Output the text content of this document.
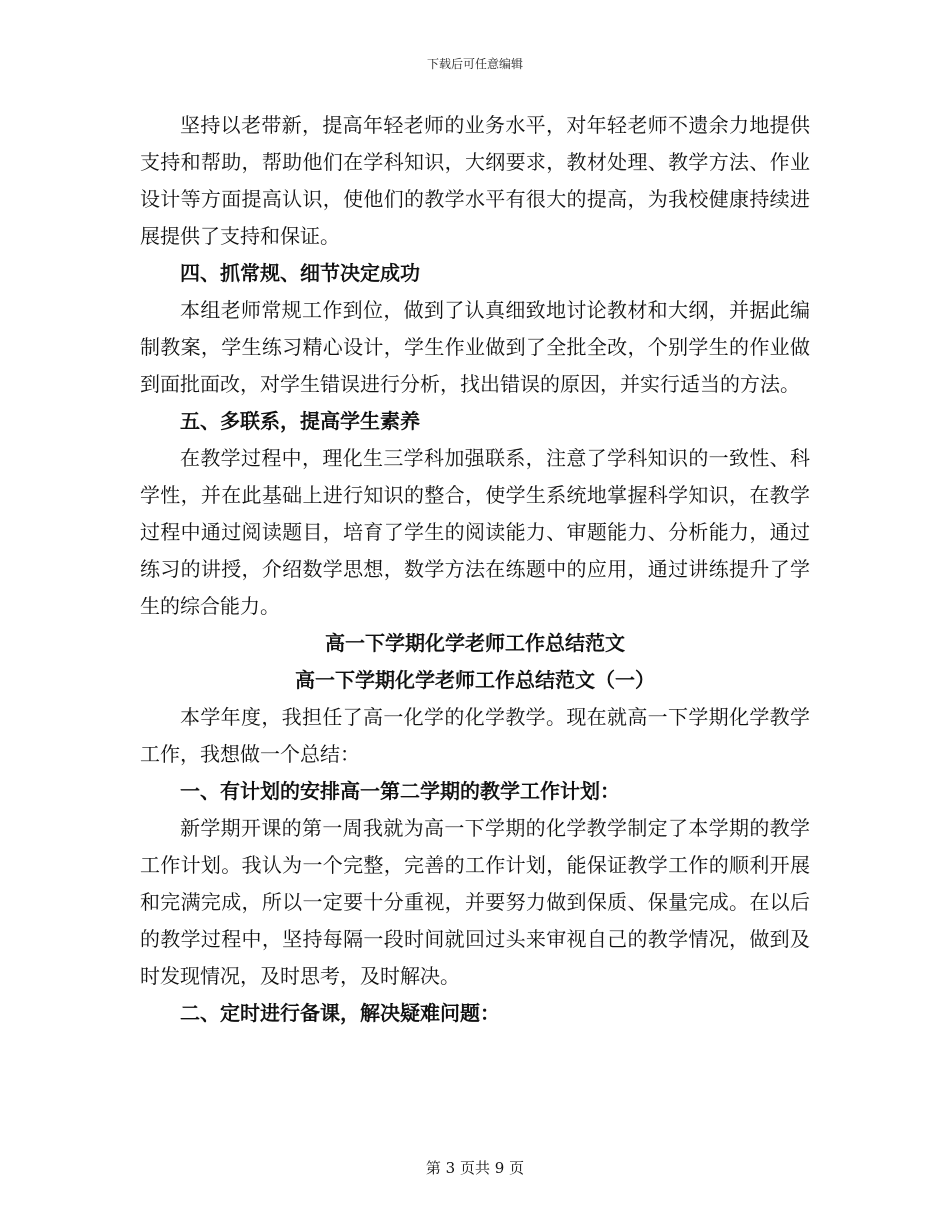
下载后可任意编辑

坚持以老带新，提高年轻老师的业务水平，对年轻老师不遗余力地提供支持和帮助，帮助他们在学科知识，大纲要求，教材处理、教学方法、作业设计等方面提高认识，使他们的教学水平有很大的提高，为我校健康持续进展提供了支持和保证。

四、抓常规、细节决定成功

本组老师常规工作到位，做到了认真细致地讨论教材和大纲，并据此编制教案，学生练习精心设计，学生作业做到了全批全改，个别学生的作业做到面批面改，对学生错误进行分析，找出错误的原因，并实行适当的方法。

五、多联系，提高学生素养

在教学过程中，理化生三学科加强联系，注意了学科知识的一致性、科学性，并在此基础上进行知识的整合，使学生系统地掌握科学知识，在教学过程中通过阅读题目，培育了学生的阅读能力、审题能力、分析能力，通过练习的讲授，介绍数学思想，数学方法在练题中的应用，通过讲练提升了学生的综合能力。

高一下学期化学老师工作总结范文

高一下学期化学老师工作总结范文（一）

本学年度，我担任了高一化学的化学教学。现在就高一下学期化学教学工作，我想做一个总结：

一、有计划的安排高一第二学期的教学工作计划：

新学期开课的第一周我就为高一下学期的化学教学制定了本学期的教学工作计划。我认为一个完整，完善的工作计划，能保证教学工作的顺利开展和完满完成，所以一定要十分重视，并要努力做到保质、保量完成。在以后的教学过程中，坚持每隔一段时间就回过头来审视自己的教学情况，做到及时发现情况，及时思考，及时解决。

二、定时进行备课，解决疑难问题：

第 3 页共 9 页
